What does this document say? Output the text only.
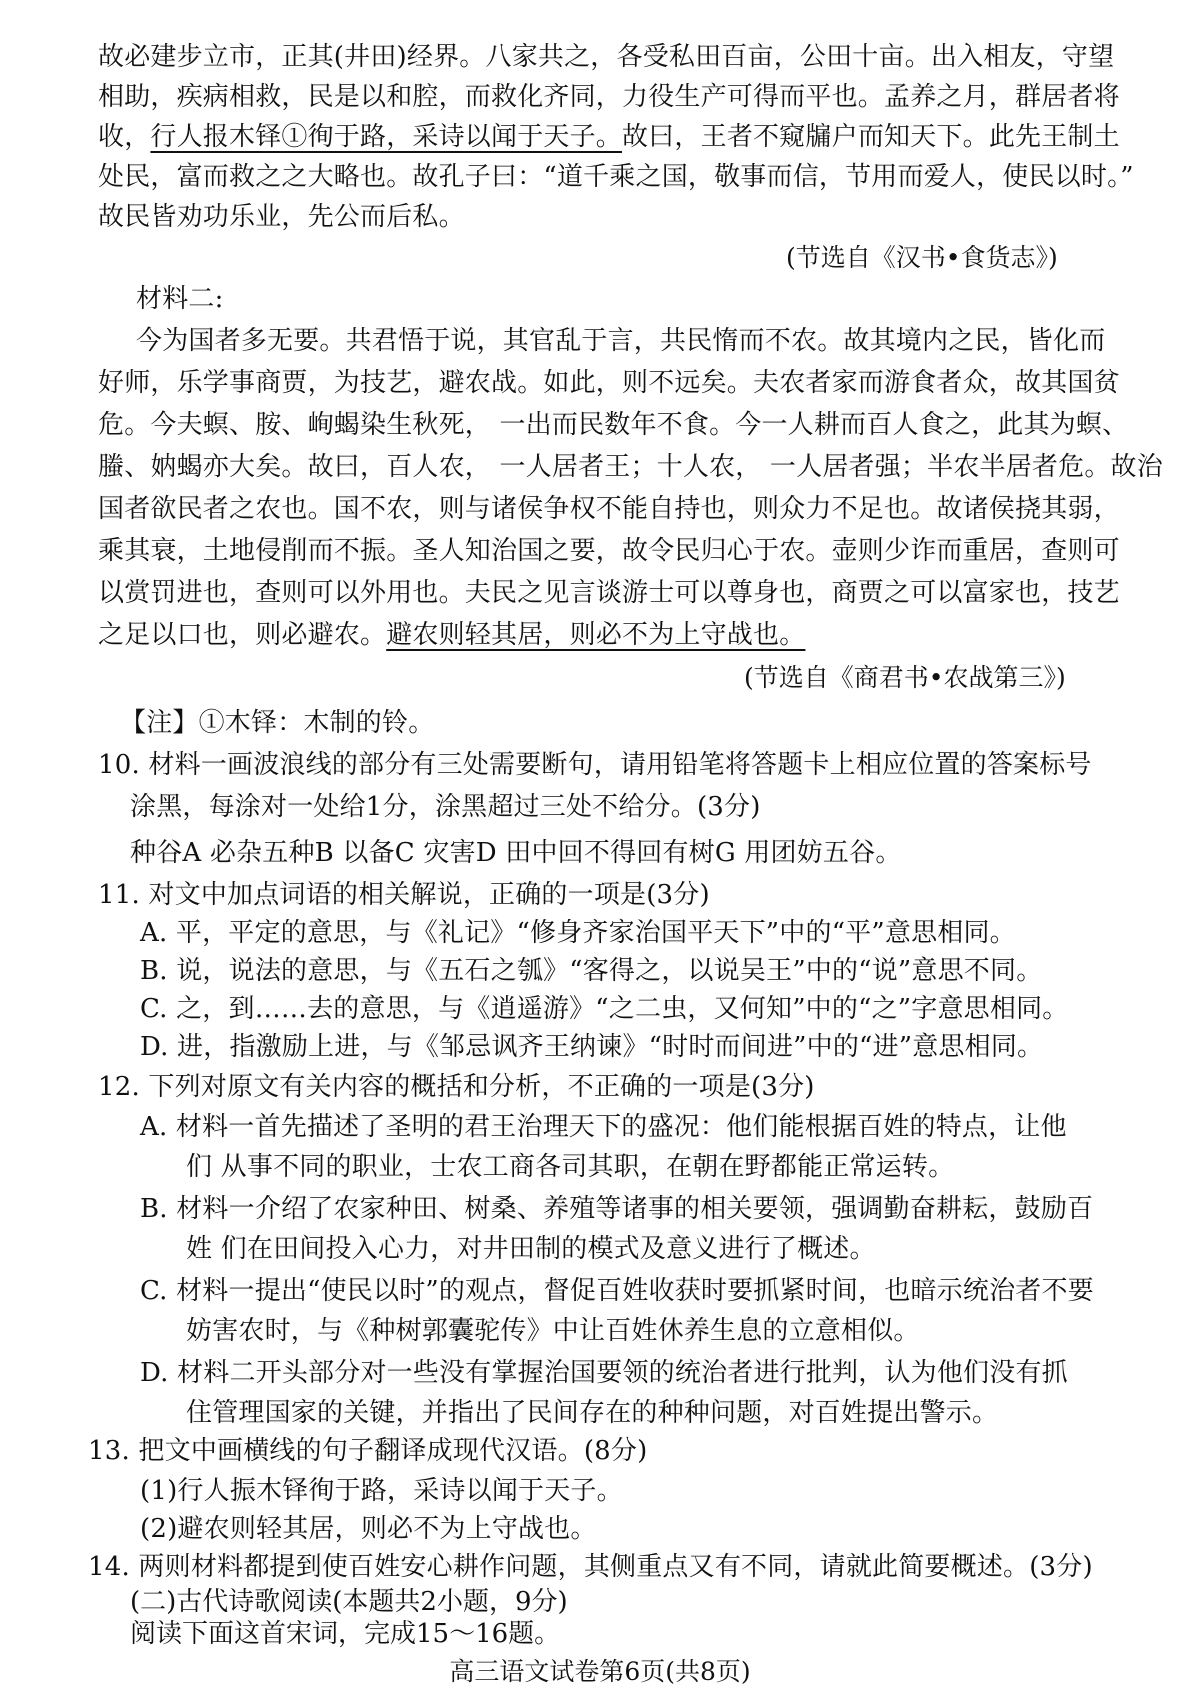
故必建步立市，正其(井田)经界。八家共之，各受私田百亩，公田十亩。出入相友，守望
相助，疾病相救，民是以和腔，而救化齐同，力役生产可得而平也。孟养之月，群居者将
收，行人报木铎①徇于路，采诗以闻于天子。故曰，王者不窥牖户而知天下。此先王制土
处民，富而救之之大略也。故孔子曰：“道千乘之国，敬事而信，节用而爱人，使民以时。”
故民皆劝功乐业，先公而后私。
(节选自《汉书•食货志》)
材料二:
今为国者多无要。共君悟于说，其官乱于言，共民惰而不农。故其境内之民，皆化而
好师，乐学事商贾，为技艺，避农战。如此，则不远矣。夫农者家而游食者众，故其国贫
危。今夫螟、胺、峋蝎染生秋死， 一出而民数年不食。今一人耕而百人食之，此其为螟、
螣、妠蝎亦大矣。故曰，百人农， 一人居者王；十人农， 一人居者强；半农半居者危。故治
国者欲民者之农也。国不农，则与诸侯争权不能自持也，则众力不足也。故诸侯挠其弱，
乘其衰，土地侵削而不振。圣人知治国之要，故令民归心于农。壶则少诈而重居，查则可
以赏罚进也，查则可以外用也。夫民之见言谈游士可以尊身也，商贾之可以富家也，技艺
之足以口也，则必避农。避农则轻其居，则必不为上守战也。
(节选自《商君书•农战第三》)
【注】①木铎：木制的铃。
10. 材料一画波浪线的部分有三处需要断句，请用铅笔将答题卡上相应位置的答案标号
涂黑，每涂对一处给1分，涂黑超过三处不给分。(3分)
种谷A 必杂五种B 以备C 灾害D 田中回不得回有树G 用团妨五谷。
11. 对文中加点词语的相关解说，正确的一项是(3分)
A. 平，平定的意思，与《礼记》“修身齐家治国平天下”中的“平”意思相同。
B. 说，说法的意思，与《五石之瓠》“客得之，以说吴王”中的“说”意思不同。
C. 之，到……去的意思，与《逍遥游》“之二虫，又何知”中的“之”字意思相同。
D. 进，指激励上进，与《邹忌讽齐王纳谏》“时时而间进”中的“进”意思相同。
12. 下列对原文有关内容的概括和分析，不正确的一项是(3分)
A. 材料一首先描述了圣明的君王治理天下的盛况：他们能根据百姓的特点，让他
们 从事不同的职业，士农工商各司其职，在朝在野都能正常运转。
B. 材料一介绍了农家种田、树桑、养殖等诸事的相关要领，强调勤奋耕耘，鼓励百
姓 们在田间投入心力，对井田制的模式及意义进行了概述。
C. 材料一提出“使民以时”的观点，督促百姓收获时要抓紧时间，也暗示统治者不要
妨害农时，与《种树郭囊驼传》中让百姓休养生息的立意相似。
D. 材料二开头部分对一些没有掌握治国要领的统治者进行批判，认为他们没有抓
住管理国家的关键，并指出了民间存在的种种问题，对百姓提出警示。
13. 把文中画横线的句子翻译成现代汉语。(8分)
(1)行人振木铎徇于路，采诗以闻于天子。
(2)避农则轻其居，则必不为上守战也。
14. 两则材料都提到使百姓安心耕作问题，其侧重点又有不同，请就此简要概述。(3分)
高三语文试卷第6页(共8页)
(二)古代诗歌阅读(本题共2小题，9分)
阅读下面这首宋词，完成15～16题。
